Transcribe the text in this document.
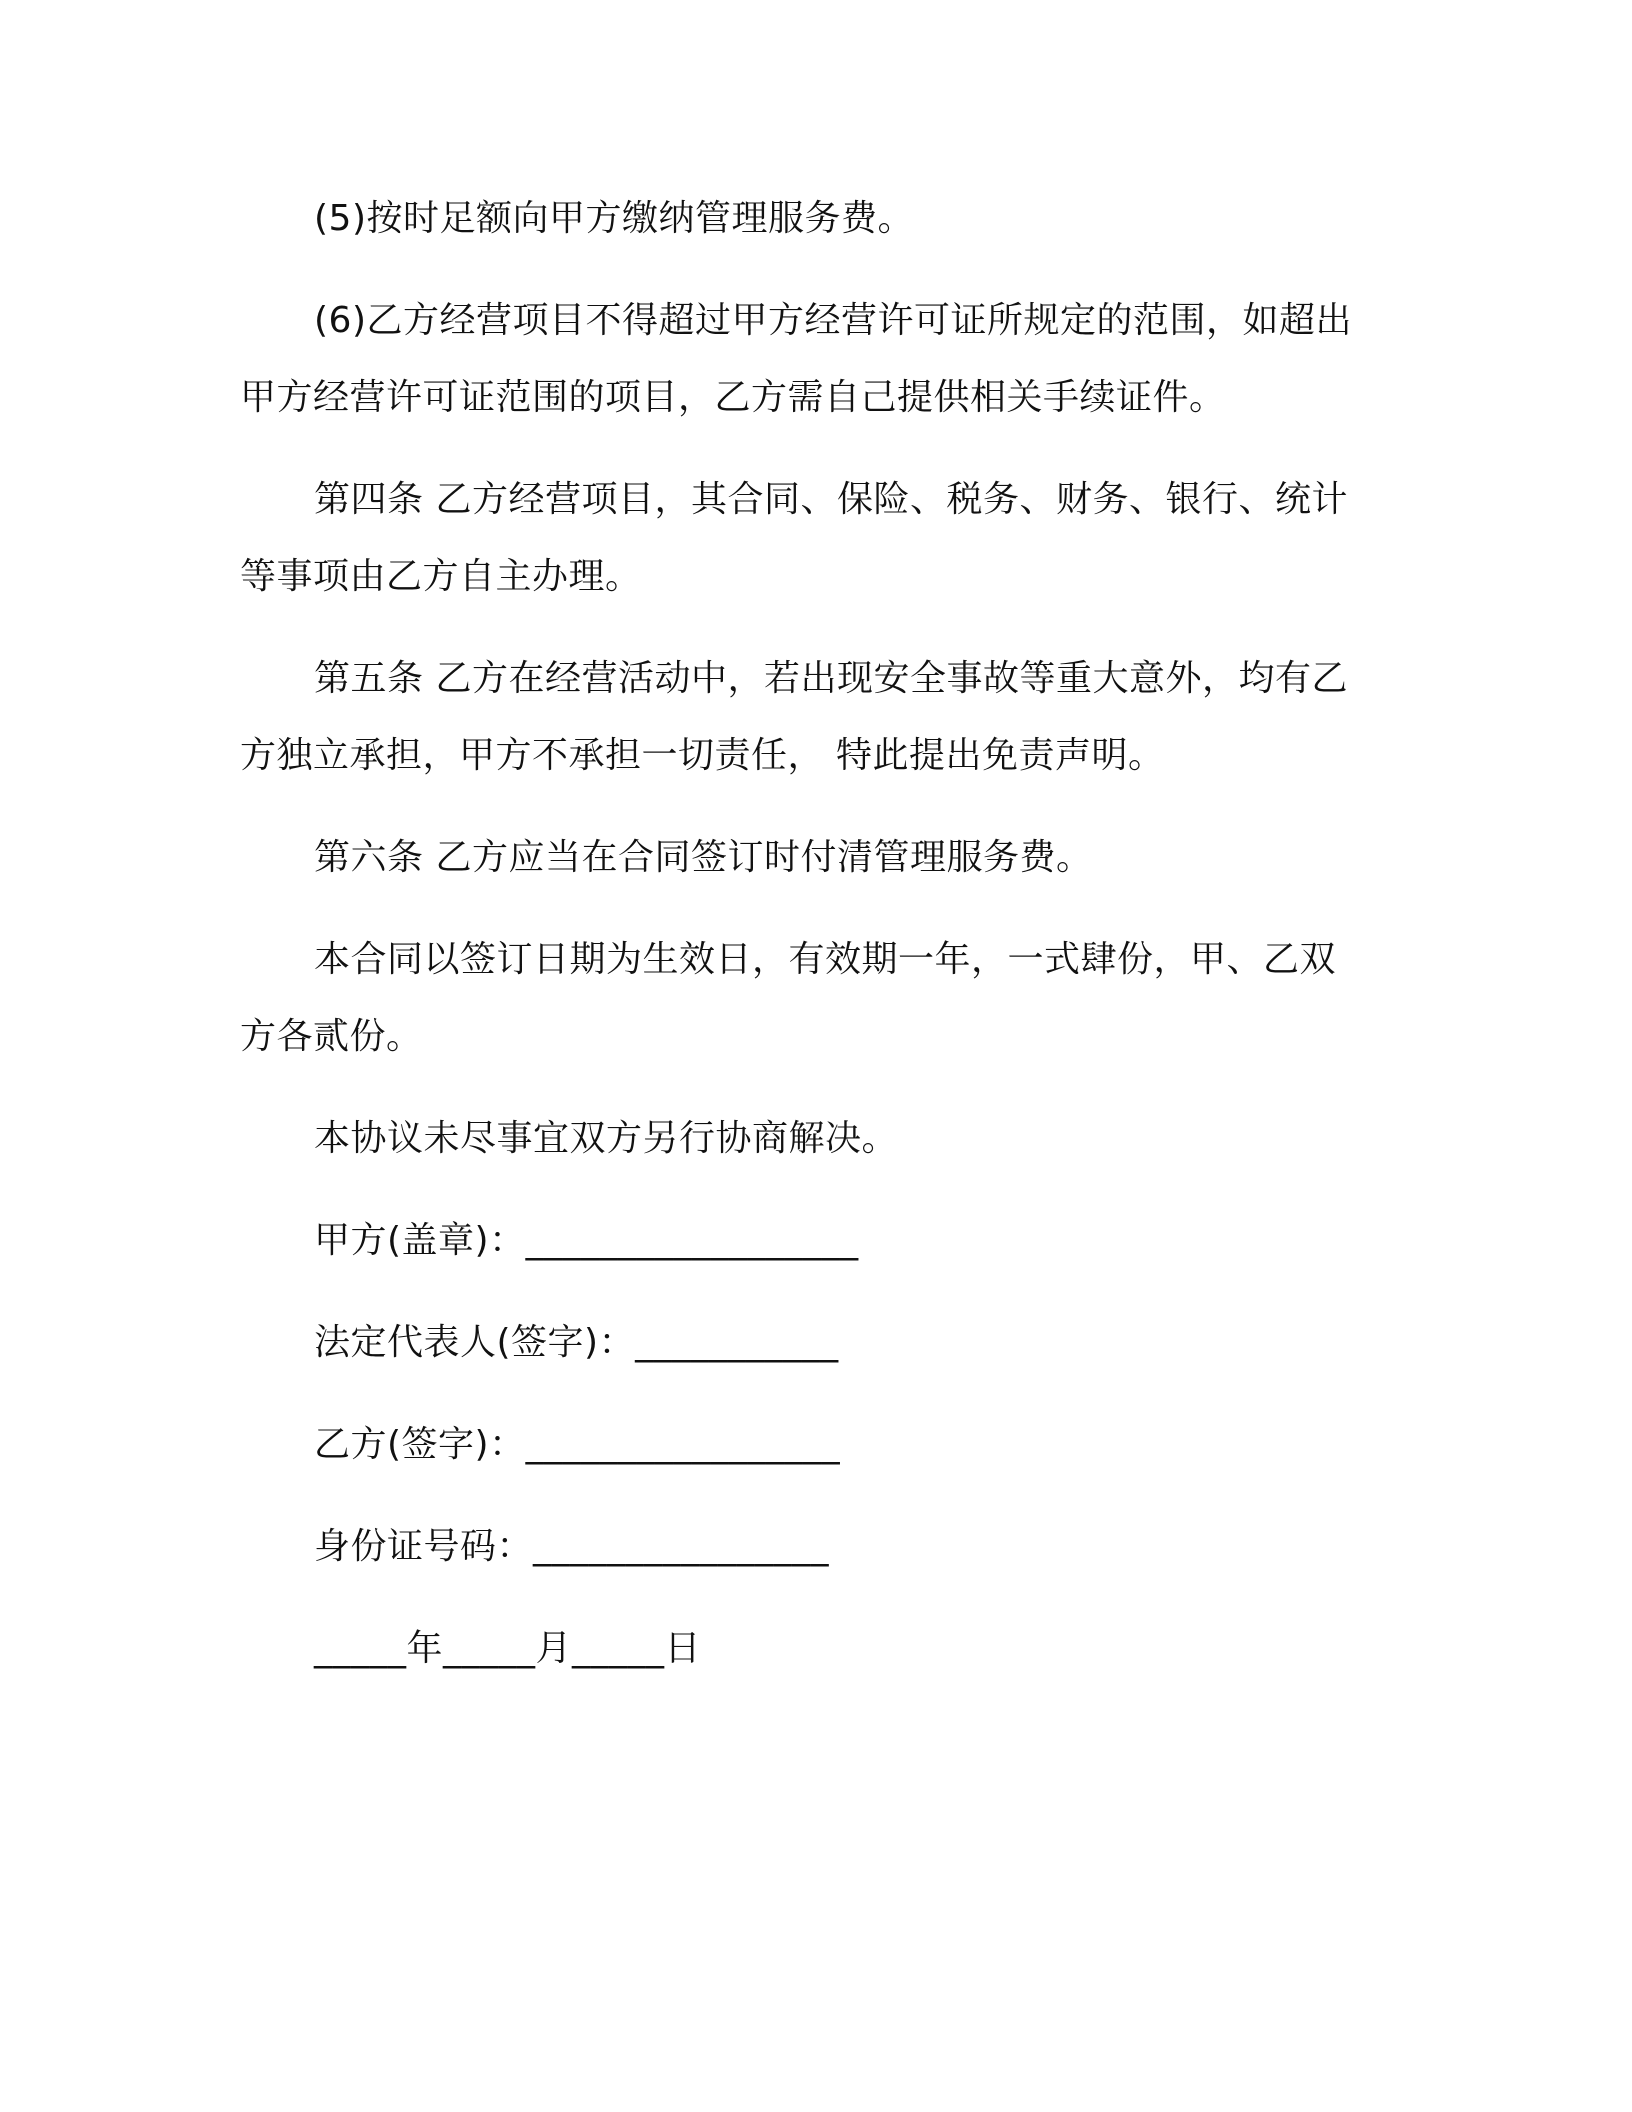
(5)按时足额向甲方缴纳管理服务费。
(6)乙方经营项目不得超过甲方经营许可证所规定的范围，如超出
甲方经营许可证范围的项目，乙方需自己提供相关手续证件。
第四条 乙方经营项目，其合同、保险、税务、财务、银行、统计
等事项由乙方自主办理。
第五条 乙方在经营活动中，若出现安全事故等重大意外，均有乙
方独立承担，甲方不承担一切责任， 特此提出免责声明。
第六条 乙方应当在合同签订时付清管理服务费。
本合同以签订日期为生效日，有效期一年，一式肆份，甲、乙双
方各贰份。
本协议未尽事宜双方另行协商解决。
甲方(盖章)：__________________
法定代表人(签字)：___________
乙方(签字)：_________________
身份证号码：________________
_____年_____月_____日
